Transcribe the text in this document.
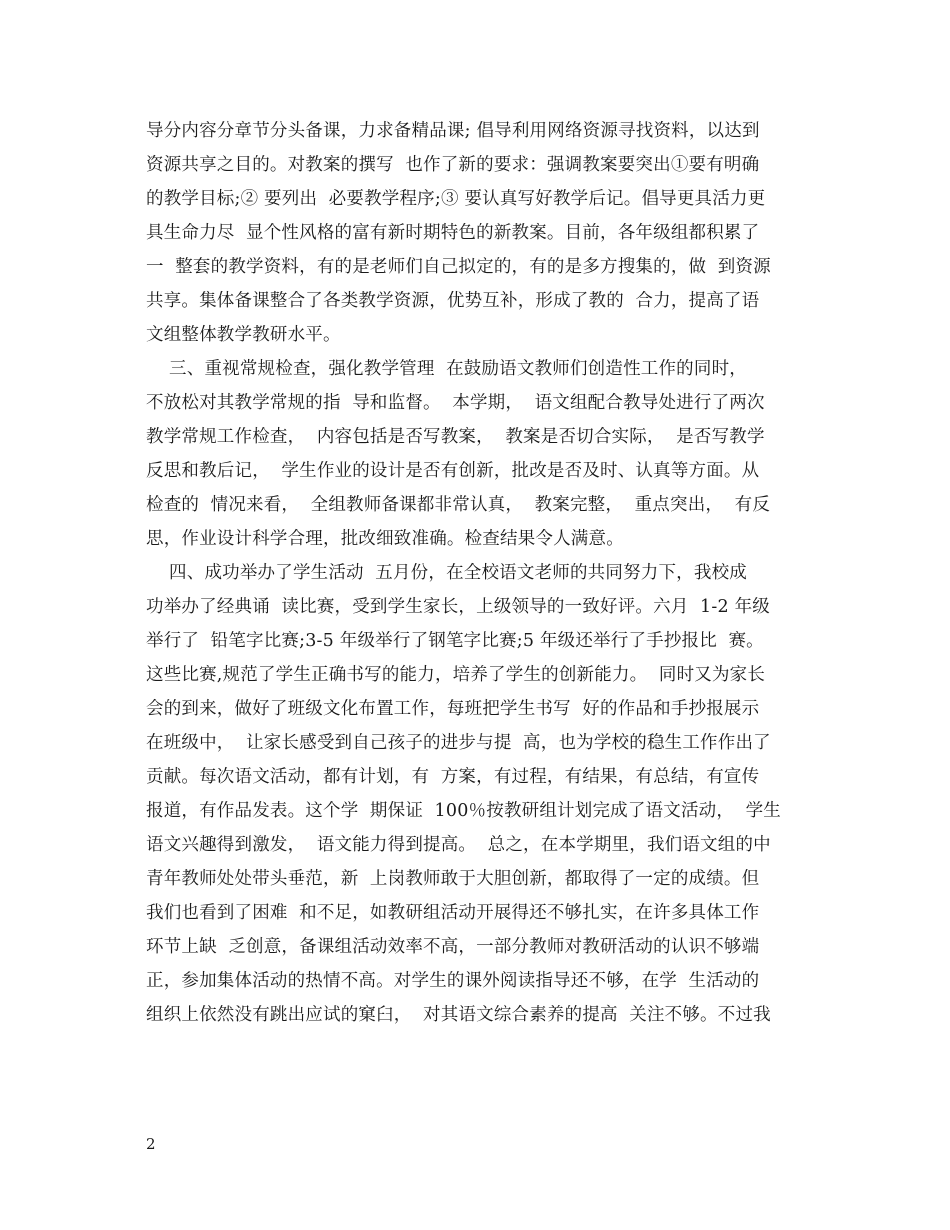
导分内容分章节分头备课，力求备精品课; 倡导利用网络资源寻找资料，以达到
资源共享之目的。对教案的撰写  也作了新的要求：强调教案要突出①要有明确
的教学目标;② 要列出  必要教学程序;③ 要认真写好教学后记。倡导更具活力更
具生命力尽  显个性风格的富有新时期特色的新教案。目前，各年级组都积累了
一  整套的教学资料，有的是老师们自己拟定的，有的是多方搜集的，做  到资源
共享。集体备课整合了各类教学资源，优势互补，形成了教的  合力，提高了语
文组整体教学教研水平。
三、重视常规检查，强化教学管理  在鼓励语文教师们创造性工作的同时，
不放松对其教学常规的指  导和监督。  本学期，  语文组配合教导处进行了两次
教学常规工作检查，  内容包括是否写教案，  教案是否切合实际，  是否写教学
反思和教后记，  学生作业的设计是否有创新，批改是否及时、认真等方面。从
检查的  情况来看，  全组教师备课都非常认真，  教案完整，  重点突出，  有反
思，作业设计科学合理，批改细致准确。检查结果令人满意。
四、成功举办了学生活动  五月份，在全校语文老师的共同努力下，我校成
功举办了经典诵  读比赛，受到学生家长，上级领导的一致好评。六月  1-2 年级
举行了  铅笔字比赛;3-5 年级举行了钢笔字比赛;5 年级还举行了手抄报比  赛。
这些比赛,规范了学生正确书写的能力，培养了学生的创新能力。  同时又为家长
会的到来，做好了班级文化布置工作，每班把学生书写  好的作品和手抄报展示
在班级中，  让家长感受到自己孩子的进步与提  高，也为学校的稳生工作作出了
贡献。每次语文活动，都有计划，有  方案，有过程，有结果，有总结，有宣传
报道，有作品发表。这个学  期保证  100％按教研组计划完成了语文活动，  学生
语文兴趣得到激发，  语文能力得到提高。  总之，在本学期里，我们语文组的中
青年教师处处带头垂范，新  上岗教师敢于大胆创新，都取得了一定的成绩。但
我们也看到了困难  和不足，如教研组活动开展得还不够扎实，在许多具体工作
环节上缺  乏创意，备课组活动效率不高，一部分教师对教研活动的认识不够端
正，参加集体活动的热情不高。对学生的课外阅读指导还不够，在学  生活动的
组织上依然没有跳出应试的窠臼，  对其语文综合素养的提高  关注不够。不过我
2
